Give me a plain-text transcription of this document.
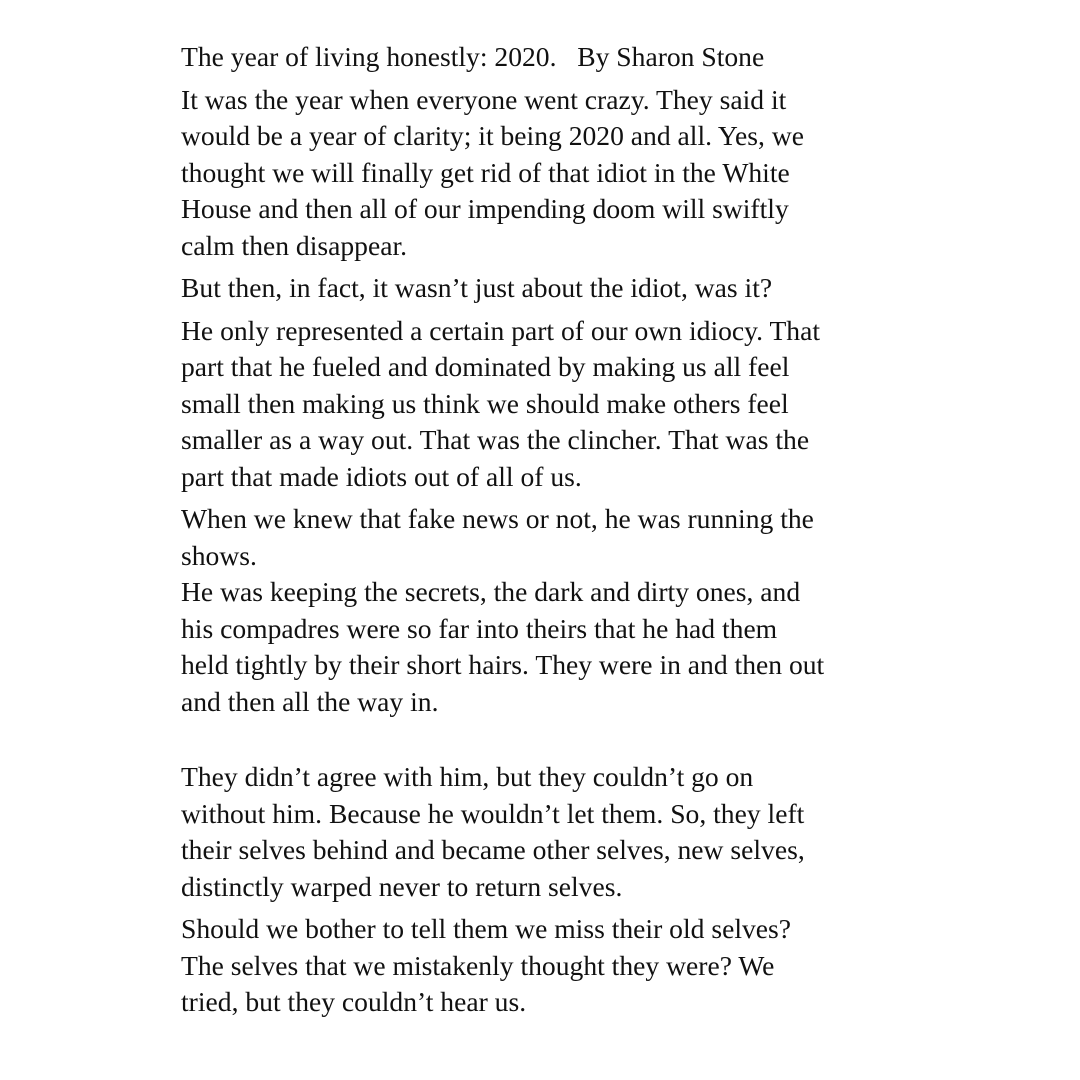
The year of living honestly: 2020.   By Sharon Stone
It was the year when everyone went crazy. They said it
would be a year of clarity; it being 2020 and all. Yes, we
thought we will finally get rid of that idiot in the White
House and then all of our impending doom will swiftly
calm then disappear.
But then, in fact, it wasn’t just about the idiot, was it?
He only represented a certain part of our own idiocy. That
part that he fueled and dominated by making us all feel
small then making us think we should make others feel
smaller as a way out. That was the clincher. That was the
part that made idiots out of all of us.
When we knew that fake news or not, he was running the
shows.
He was keeping the secrets, the dark and dirty ones, and
his compadres were so far into theirs that he had them
held tightly by their short hairs. They were in and then out
and then all the way in.
They didn’t agree with him, but they couldn’t go on
without him. Because he wouldn’t let them. So, they left
their selves behind and became other selves, new selves,
distinctly warped never to return selves.
Should we bother to tell them we miss their old selves?
The selves that we mistakenly thought they were? We
tried, but they couldn’t hear us.
